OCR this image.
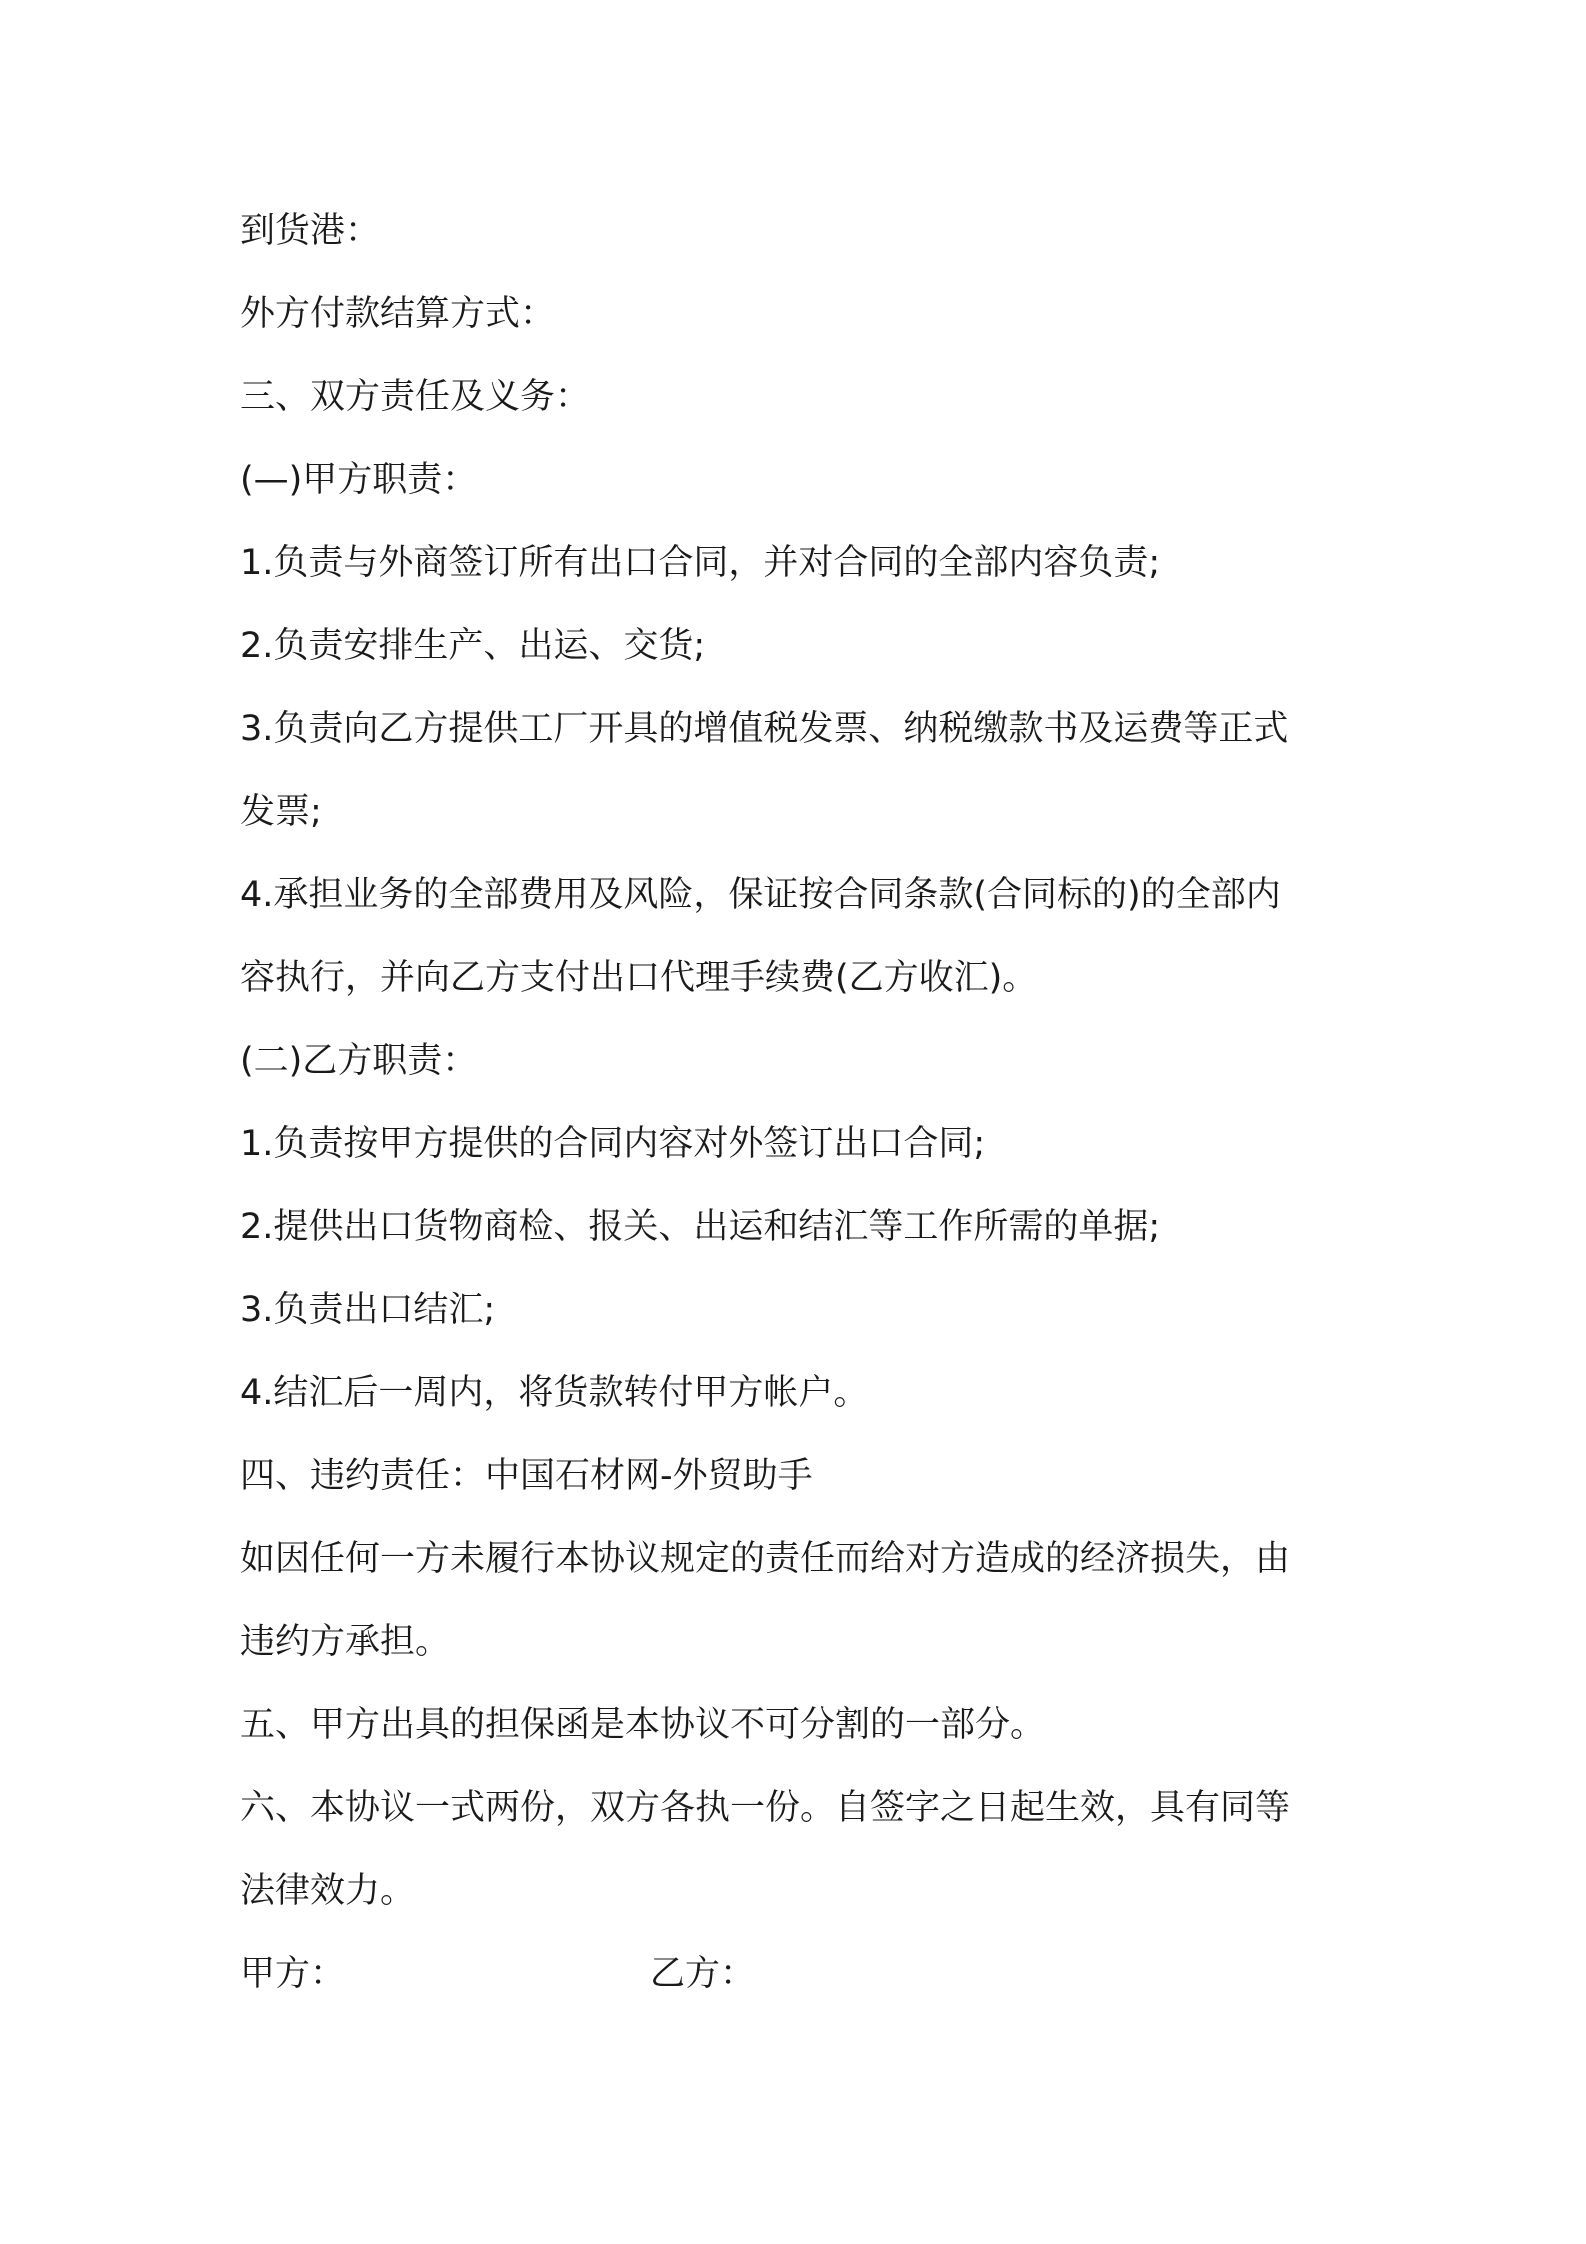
到货港：

外方付款结算方式：

三、双方责任及义务：

(—)甲方职责：

1.负责与外商签订所有出口合同，并对合同的全部内容负责;

2.负责安排生产、出运、交货;

3.负责向乙方提供工厂开具的增值税发票、纳税缴款书及运费等正式

发票;

4.承担业务的全部费用及风险，保证按合同条款(合同标的)的全部内

容执行，并向乙方支付出口代理手续费(乙方收汇)。

(二)乙方职责：

1.负责按甲方提供的合同内容对外签订出口合同;

2.提供出口货物商检、报关、出运和结汇等工作所需的单据;

3.负责出口结汇;

4.结汇后一周内，将货款转付甲方帐户。

四、违约责任：中国石材网-外贸助手

如因任何一方未履行本协议规定的责任而给对方造成的经济损失，由

违约方承担。

五、甲方出具的担保函是本协议不可分割的一部分。

六、本协议一式两份，双方各执一份。自签字之日起生效，具有同等

法律效力。

甲方：	乙方：
